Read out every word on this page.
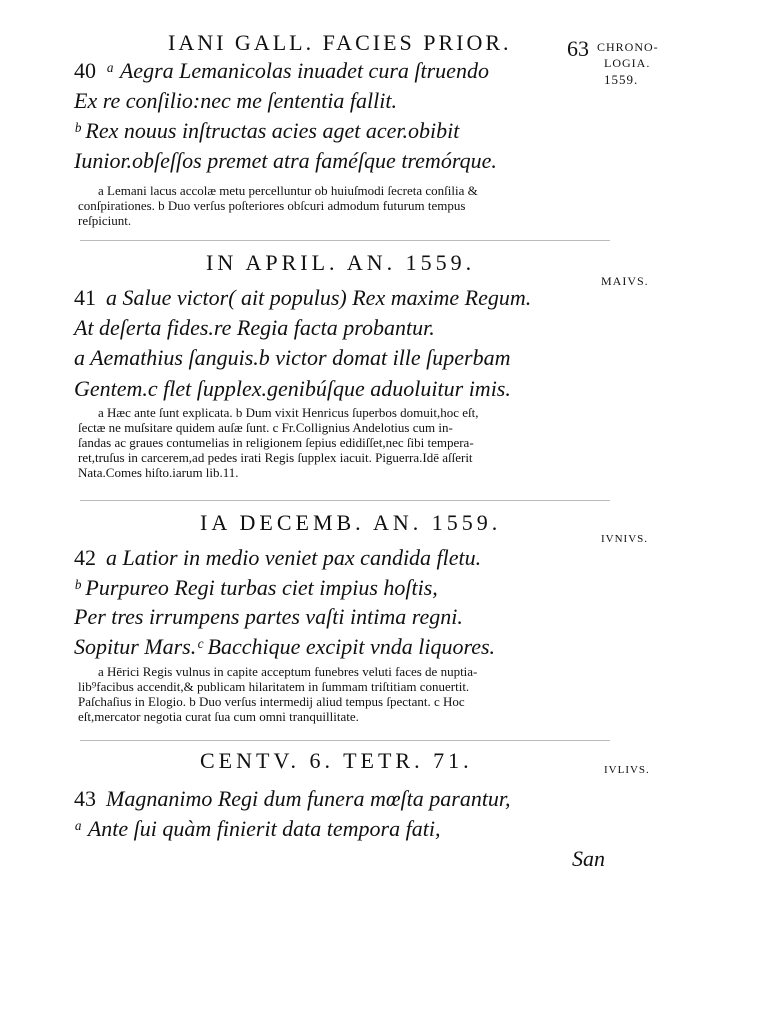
IANI GALL. FACIES PRIOR.	63 CHRONO-
LOGIA.
1559.
40 ᵃ Aegra Lemanicolas inuadet cura ſtruendo
Ex re conſilio:nec me ſententia fallit.
ᵇ Rex nouus inſtructas acies aget acer.obibit
Iunior.obſeſſos premet atra faméſque tremórque.

a Lemani lacus accolæ metu percelluntur ob huiuſmodi ſecreta conſilia &

conſpirationes. b Duo verſus poſteriores obſcuri admodum futurum tempus

reſpiciunt.

IN APRIL. AN. 1559.
MAIVS.
41 a Salue victor( ait populus) Rex maxime Regum.
At deſerta fides.re Regia facta probantur.
a Aemathius ſanguis.b victor domat ille ſuperbam
Gentem.c flet ſupplex.genibúſque aduoluitur imis.

a Hæc ante ſunt explicata. b Dum vixit Henricus ſuperbos domuit,hoc eſt,

ſectæ ne muſsitare quidem auſæ ſunt. c Fr.Collignius Andelotius cum in-

ſandas ac graues contumelias in religionem ſepius edidiſſet,nec ſibi tempera-

ret,truſus in carcerem,ad pedes irati Regis ſupplex iacuit. Piguerra.Idē aſſerit

Nata.Comes hiſto.iarum lib.11.

IA DECEMB. AN. 1559.
IVNIVS.
42 a Latior in medio veniet pax candida fletu.
ᵇ Purpureo Regi turbas ciet impius hoſtis,
Per tres irrumpens partes vaſti intima regni.
Sopitur Mars.ᶜ Bacchique excipit vnda liquores.

a Hērici Regis vulnus in capite acceptum funebres veluti faces de nuptia-

lib⁹facibus accendit,& publicam hilaritatem in ſummam triſtitiam conuertit.

Paſchaſius in Elogio. b Duo verſus intermedij aliud tempus ſpectant. c Hoc

eſt,mercator negotia curat ſua cum omni tranquillitate.

CENTV. 6. TETR. 71.	IVLIVS.
43 Magnanimo Regi dum funera mœſta parantur,
ᵃ Ante ſui quàm finierit data tempora fati,
San
